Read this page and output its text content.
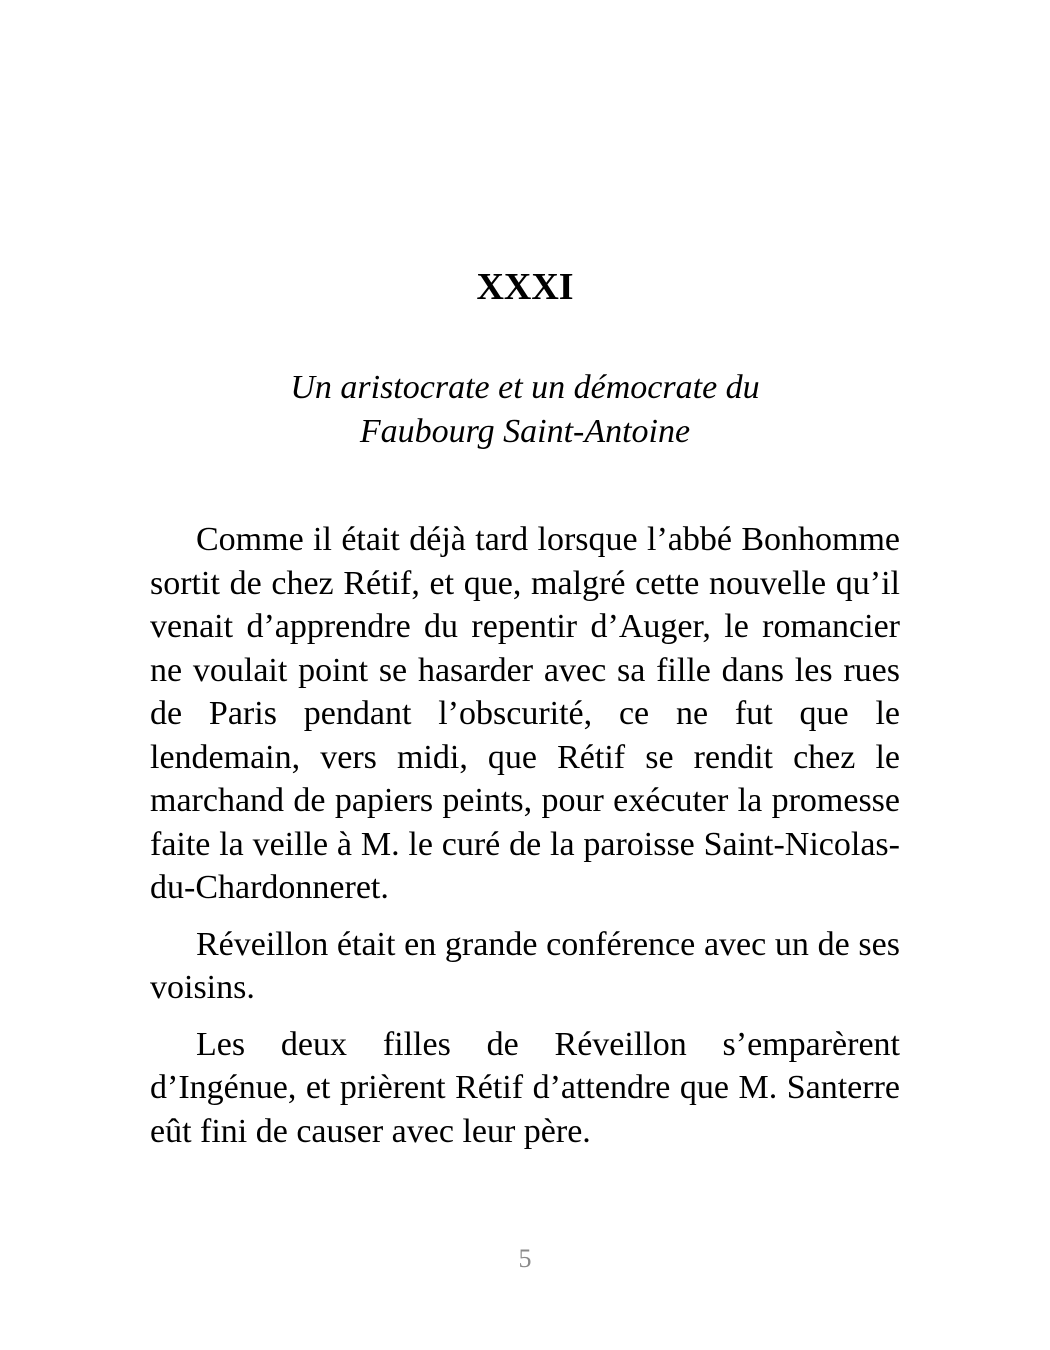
XXXI
Un aristocrate et un démocrate du
Faubourg Saint-Antoine

Comme il était déjà tard lorsque l’abbé Bonhomme sortit de chez Rétif, et que, malgré cette nouvelle qu’il venait d’apprendre du repentir d’Auger, le romancier ne voulait point se hasarder avec sa fille dans les rues de Paris pendant l’obscurité, ce ne fut que le lendemain, vers midi, que Rétif se rendit chez le marchand de papiers peints, pour exécuter la promesse faite la veille à M. le curé de la paroisse Saint-Nicolas-du-Chardonneret.

Réveillon était en grande conférence avec un de ses voisins.

Les deux filles de Réveillon s’emparèrent d’Ingénue, et prièrent Rétif d’attendre que M. Santerre eût fini de causer avec leur père.

5
